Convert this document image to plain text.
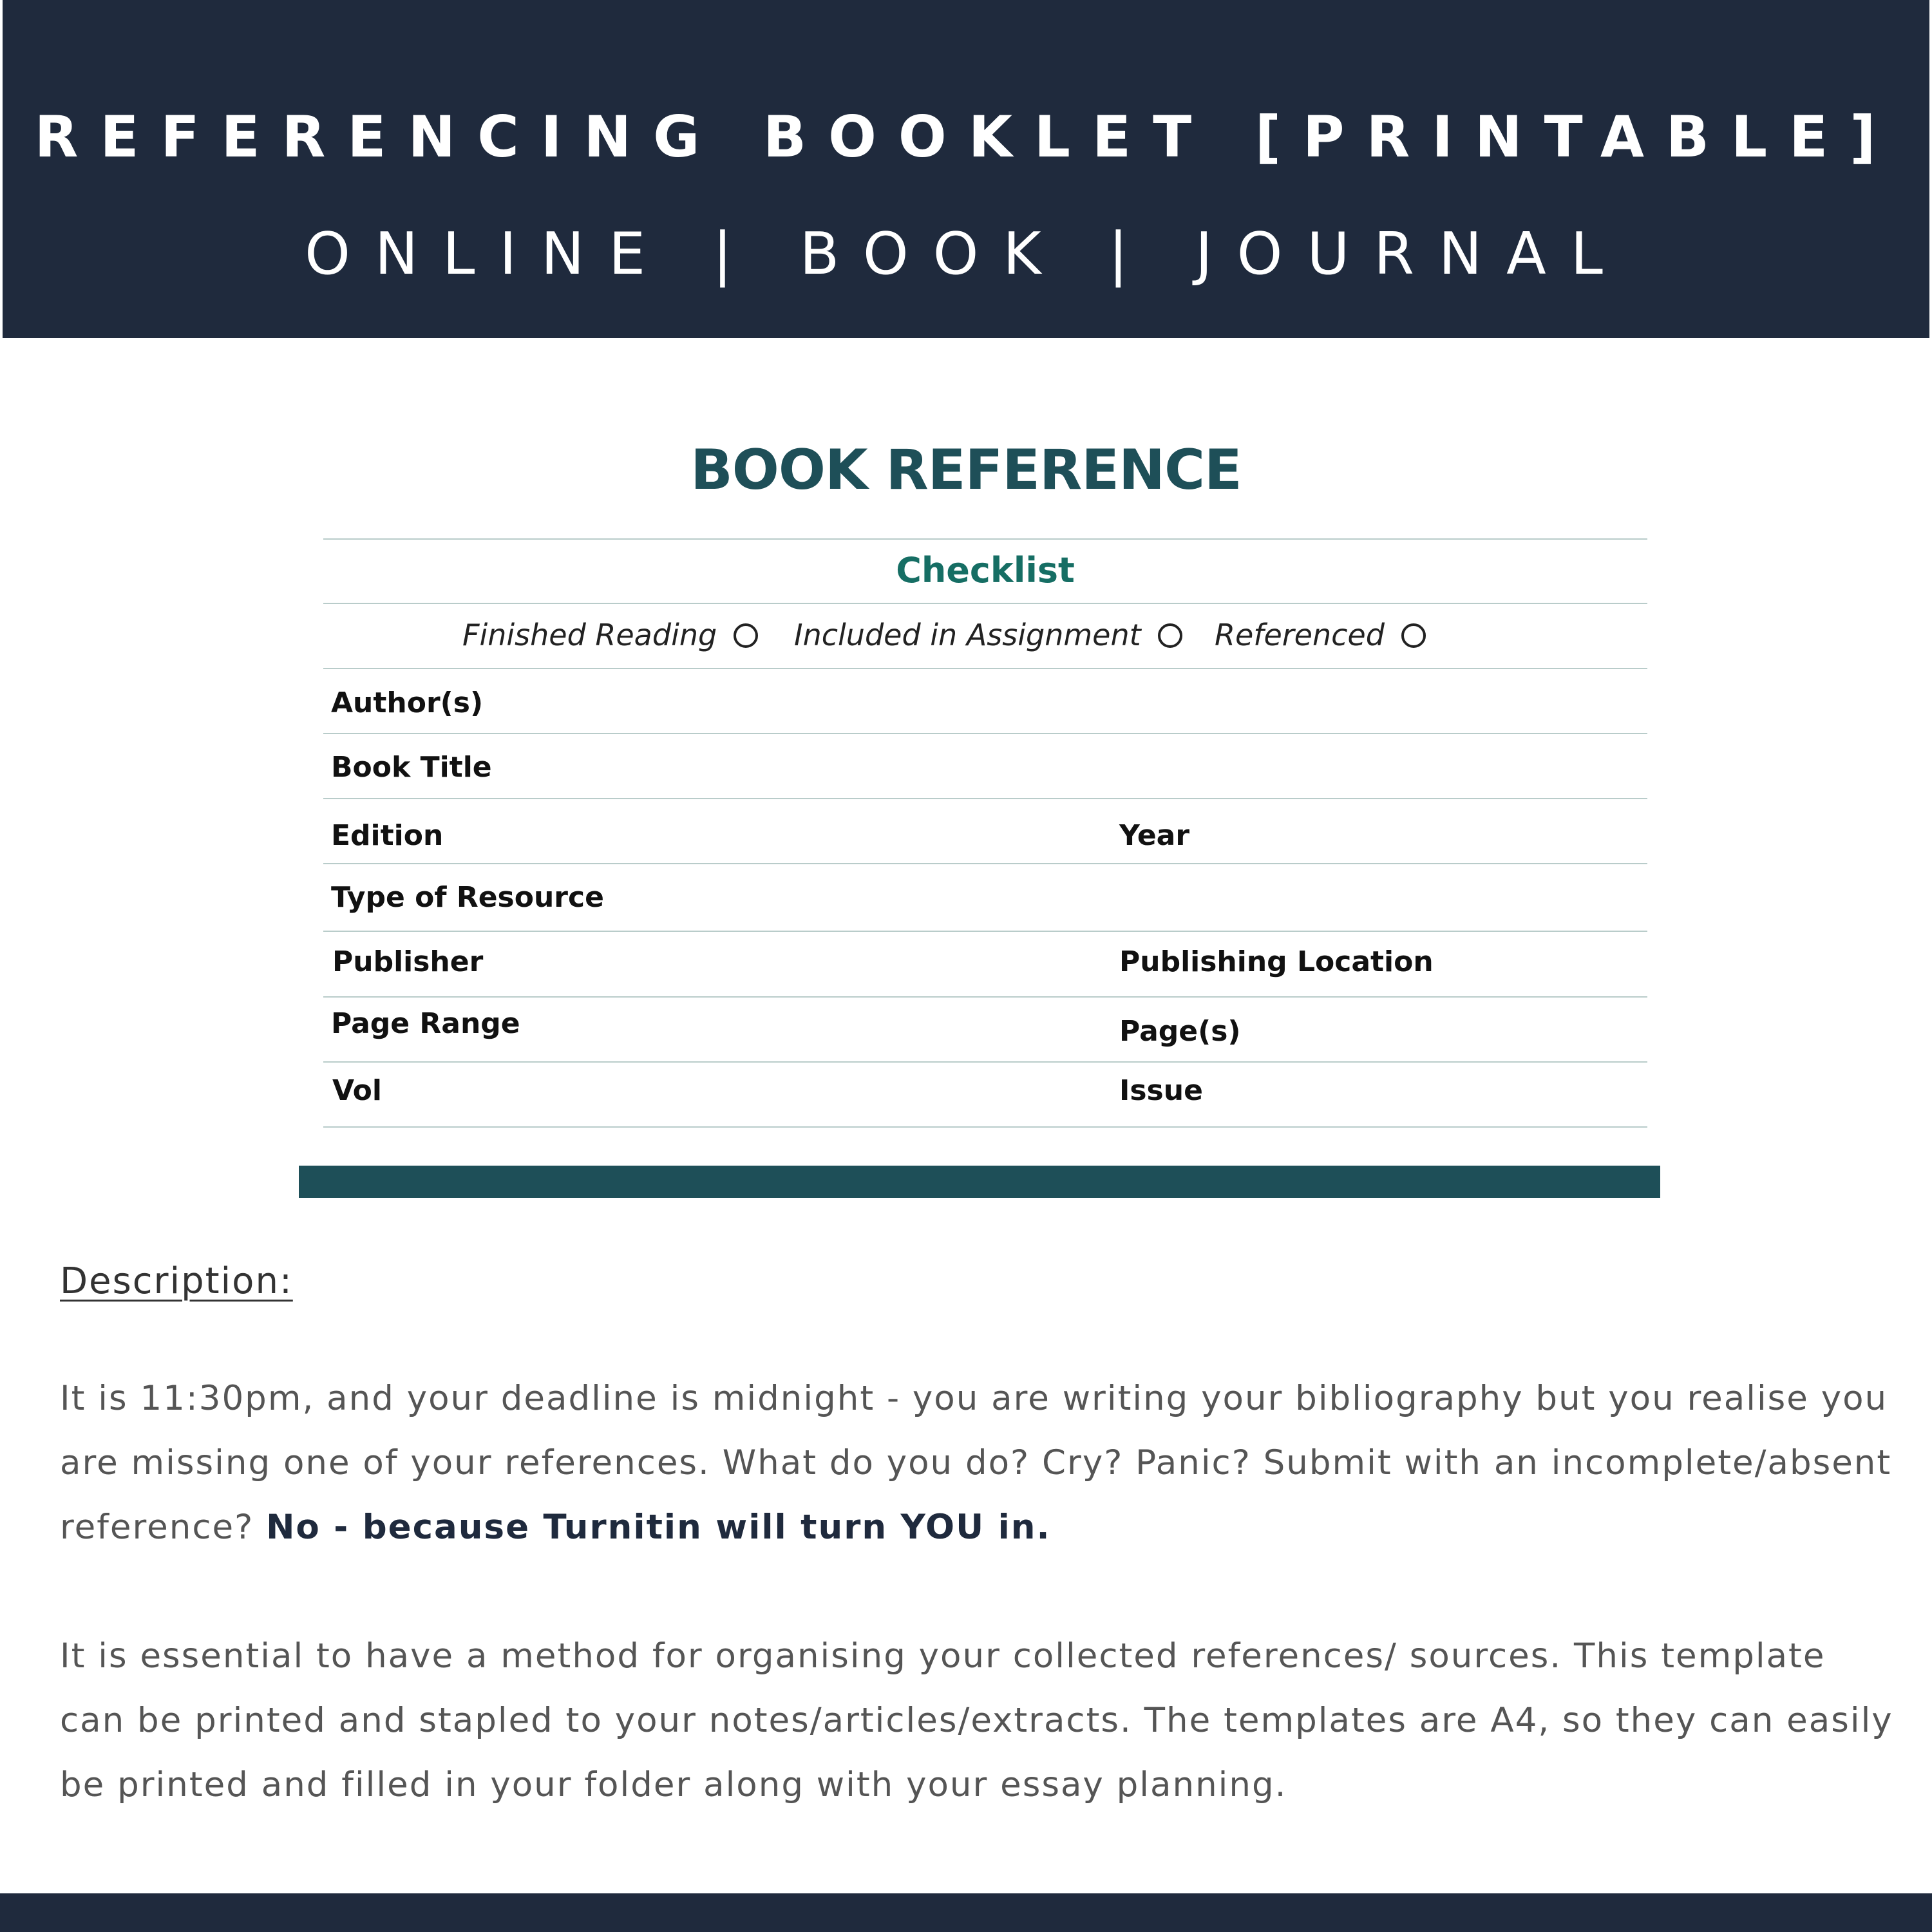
REFERENCING BOOKLET [PRINTABLE]
ONLINE | BOOK | JOURNAL
BOOK REFERENCE
Checklist
Finished Reading	Included in Assignment	Referenced
Author(s)
Book Title
Edition	Year
Type of Resource
Publisher	Publishing Location
Page Range	Page(s)
Vol	Issue
Description:

It is 11:30pm, and your deadline is midnight - you are writing your bibliography but you realise you are missing one of your references. What do you do? Cry? Panic? Submit with an incomplete/absent reference? No - because Turnitin will turn YOU in.

It is essential to have a method for organising your collected references/ sources. This template can be printed and stapled to your notes/articles/extracts. The templates are A4, so they can easily be printed and filled in your folder along with your essay planning.
